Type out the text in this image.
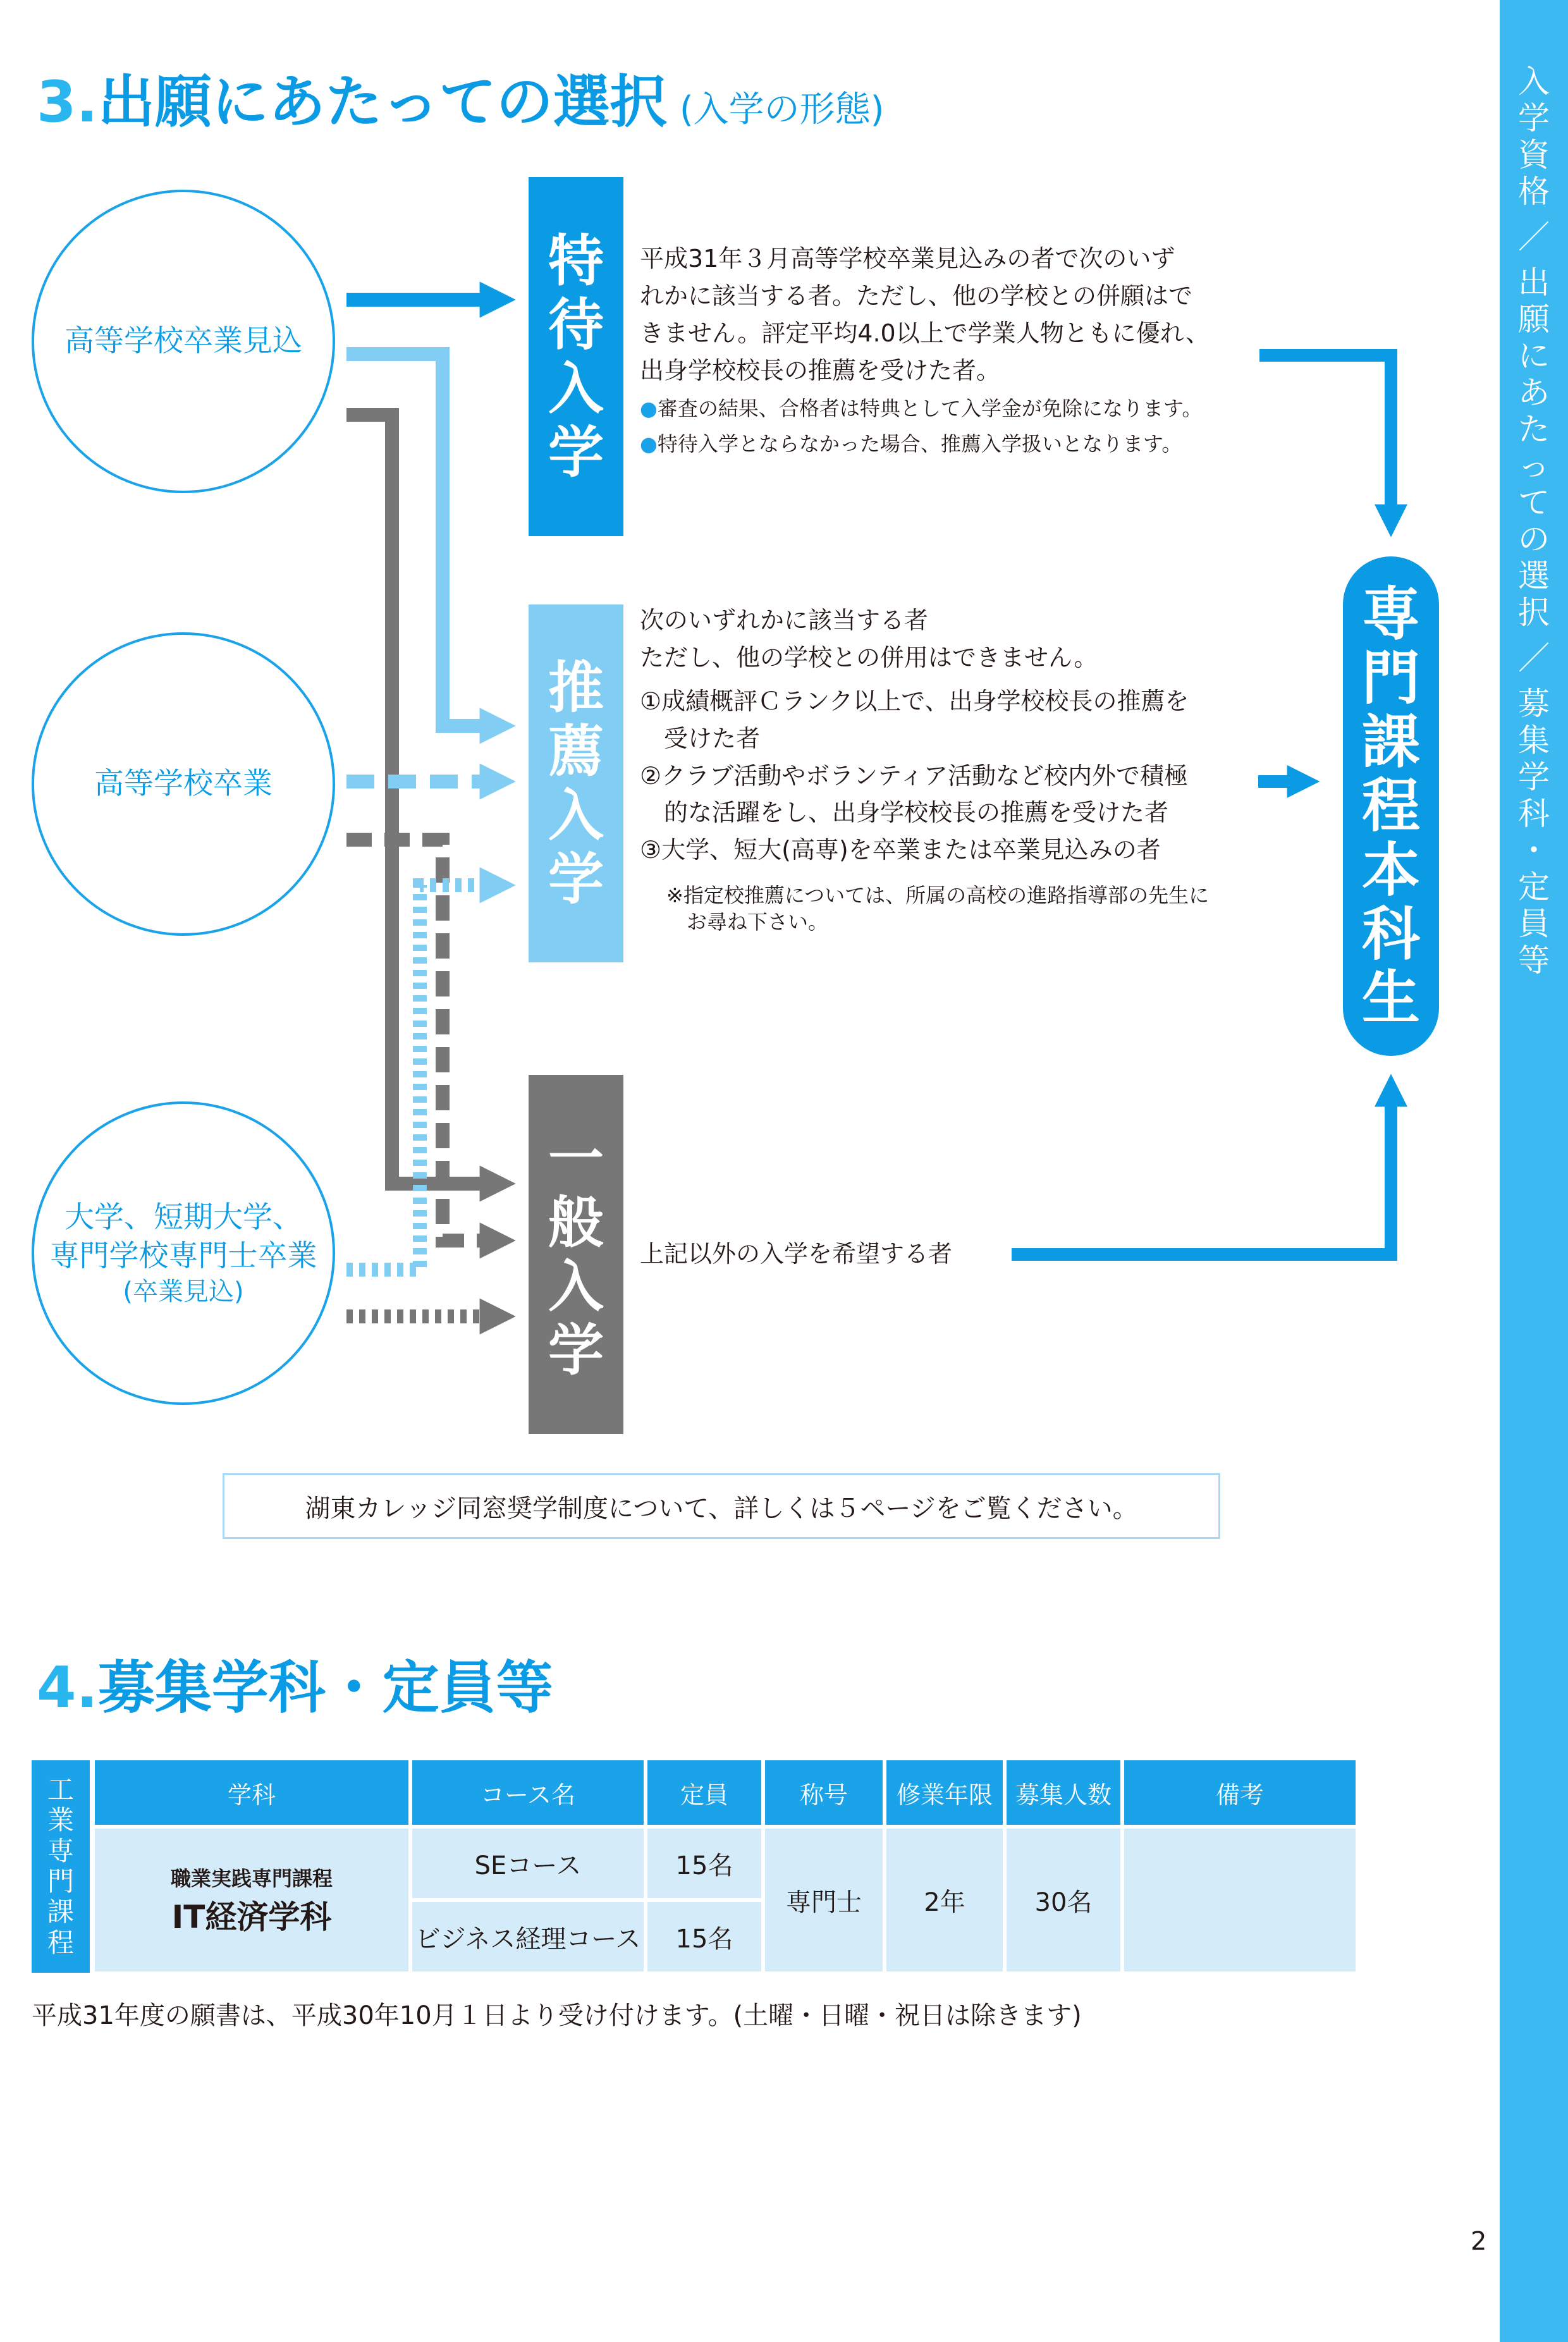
3.出願にあたっての選択 (入学の形態)
高等学校卒業見込
高等学校卒業
大学、短期大学、
専門学校専門士卒業
(卒業見込)
特
待
入
学
推
薦
入
学
一
般
入
学
平成31年３月高等学校卒業見込みの者で次のいず
れかに該当する者。ただし、他の学校との併願はで
きません。評定平均4.0以上で学業人物ともに優れ、
出身学校校長の推薦を受けた者。
●審査の結果、合格者は特典として入学金が免除になります。
●特待入学とならなかった場合、推薦入学扱いとなります。
次のいずれかに該当する者
ただし、他の学校との併用はできません。
①成績概評Ｃランク以上で、出身学校校長の推薦を
受けた者
②クラブ活動やボランティア活動など校内外で積極
的な活躍をし、出身学校校長の推薦を受けた者
③大学、短大(高専)を卒業または卒業見込みの者
※指定校推薦については、所属の高校の進路指導部の先生に
お尋ね下さい。
上記以外の入学を希望する者
専
門
課
程
本
科
生
湖東カレッジ同窓奨学制度について、詳しくは５ページをご覧ください。
4.募集学科・定員等
工
業
専
門
課
程
学科	コース名	定員	称号	修業年限	募集人数	備考

職業実践専門課程
IT経済学科	SEコース	15名	専門士	2年	30名	
	ビジネス経理コース	15名				
平成31年度の願書は、平成30年10月１日より受け付けます。(土曜・日曜・祝日は除きます)
入
学
資
格
／
出
願
に
あ
た
っ
て
の
選
択
／
募
集
学
科
・
定
員
等
2
